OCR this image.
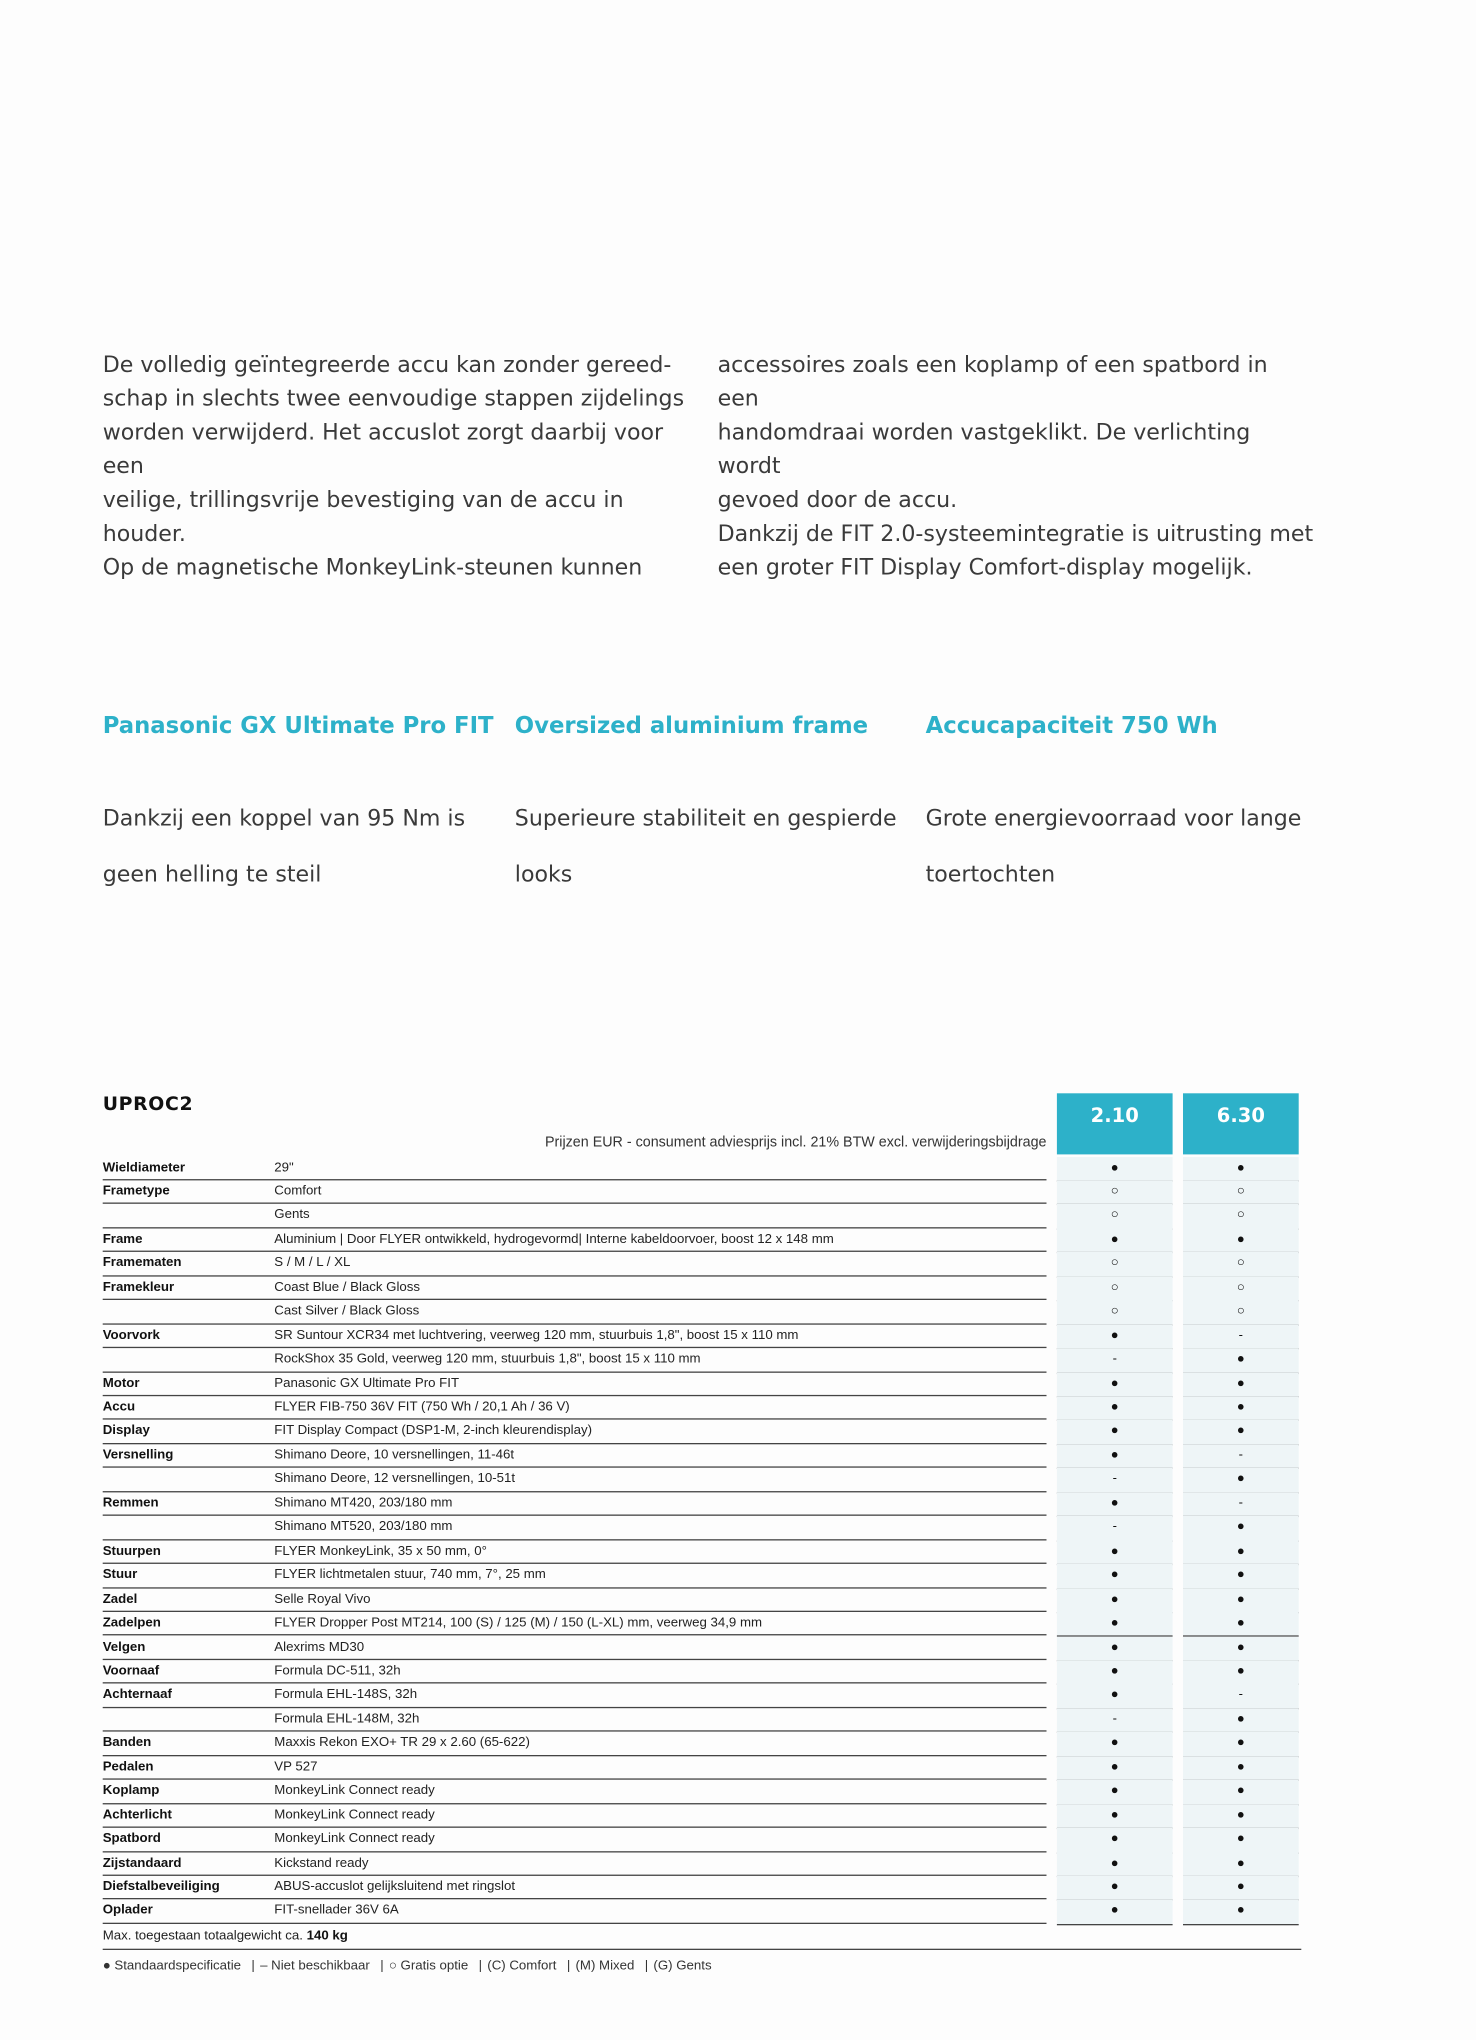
De volledig geïntegreerde accu kan zonder gereed-

schap in slechts twee eenvoudige stappen zijdelings

worden verwijderd. Het accuslot zorgt daarbij voor een

veilige, trillingsvrije bevestiging van de accu in houder.

Op de magnetische MonkeyLink-steunen kunnen

accessoires zoals een koplamp of een spatbord in een

handomdraai worden vastgeklikt. De verlichting wordt

gevoed door de accu.

Dankzij de FIT 2.0-systeemintegratie is uitrusting met

een groter FIT Display Comfort-display mogelijk.

Panasonic GX Ultimate Pro FIT Oversized aluminium frame	Accucapaciteit 750 Wh

Dankzij een koppel van 95 Nm is

geen helling te steil

Superieure stabiliteit en gespierde

looks

Grote energievoorraad voor lange

toertochten

UPROC2
Prijzen EUR - consument adviesprijs incl. 21% BTW excl. verwijderingsbijdrage
2.10	6.30
Wieldiameter	29"	●	●
Frametype	Comfort	○	○
Gents	○	○
Frame	Aluminium | Door FLYER ontwikkeld, hydrogevormd| Interne kabeldoorvoer, boost 12 x 148 mm	●	●
Framematen	S / M / L / XL	○	○
Framekleur	Coast Blue / Black Gloss	○	○
Cast Silver / Black Gloss	○	○
Voorvork	SR Suntour XCR34 met luchtvering, veerweg 120 mm, stuurbuis 1,8", boost 15 x 110 mm	●	-
RockShox 35 Gold, veerweg 120 mm, stuurbuis 1,8", boost 15 x 110 mm	-	●
Motor	Panasonic GX Ultimate Pro FIT	●	●
Accu	FLYER FIB-750 36V FIT (750 Wh / 20,1 Ah / 36 V)	●	●
Display	FIT Display Compact (DSP1-M, 2-inch kleurendisplay)	●	●
Versnelling	Shimano Deore, 10 versnellingen, 11-46t	●	-
Shimano Deore, 12 versnellingen, 10-51t	-	●
Remmen	Shimano MT420, 203/180 mm	●	-
Shimano MT520, 203/180 mm	-	●
Stuurpen	FLYER MonkeyLink, 35 x 50 mm, 0°	●	●
Stuur	FLYER lichtmetalen stuur, 740 mm, 7°, 25 mm	●	●
Zadel	Selle Royal Vivo	●	●
Zadelpen	FLYER Dropper Post MT214, 100 (S) / 125 (M) / 150 (L-XL) mm, veerweg 34,9 mm	●	●
Velgen	Alexrims MD30	●	●
Voornaaf	Formula DC-511, 32h	●	●
Achternaaf	Formula EHL-148S, 32h	●	-
Formula EHL-148M, 32h	-	●
Banden	Maxxis Rekon EXO+ TR 29 x 2.60 (65-622)	●	●
Pedalen	VP 527	●	●
Koplamp	MonkeyLink Connect ready	●	●
Achterlicht	MonkeyLink Connect ready	●	●
Spatbord	MonkeyLink Connect ready	●	●
Zijstandaard	Kickstand ready	●	●
Diefstalbeveiliging	ABUS-accuslot gelijksluitend met ringslot	●	●
Oplader	FIT-snellader 36V 6A	●	●
Max. toegestaan totaalgewicht ca. 140 kg
● Standaardspecificatie | – Niet beschikbaar | ○ Gratis optie | (C) Comfort | (M) Mixed | (G) Gents
